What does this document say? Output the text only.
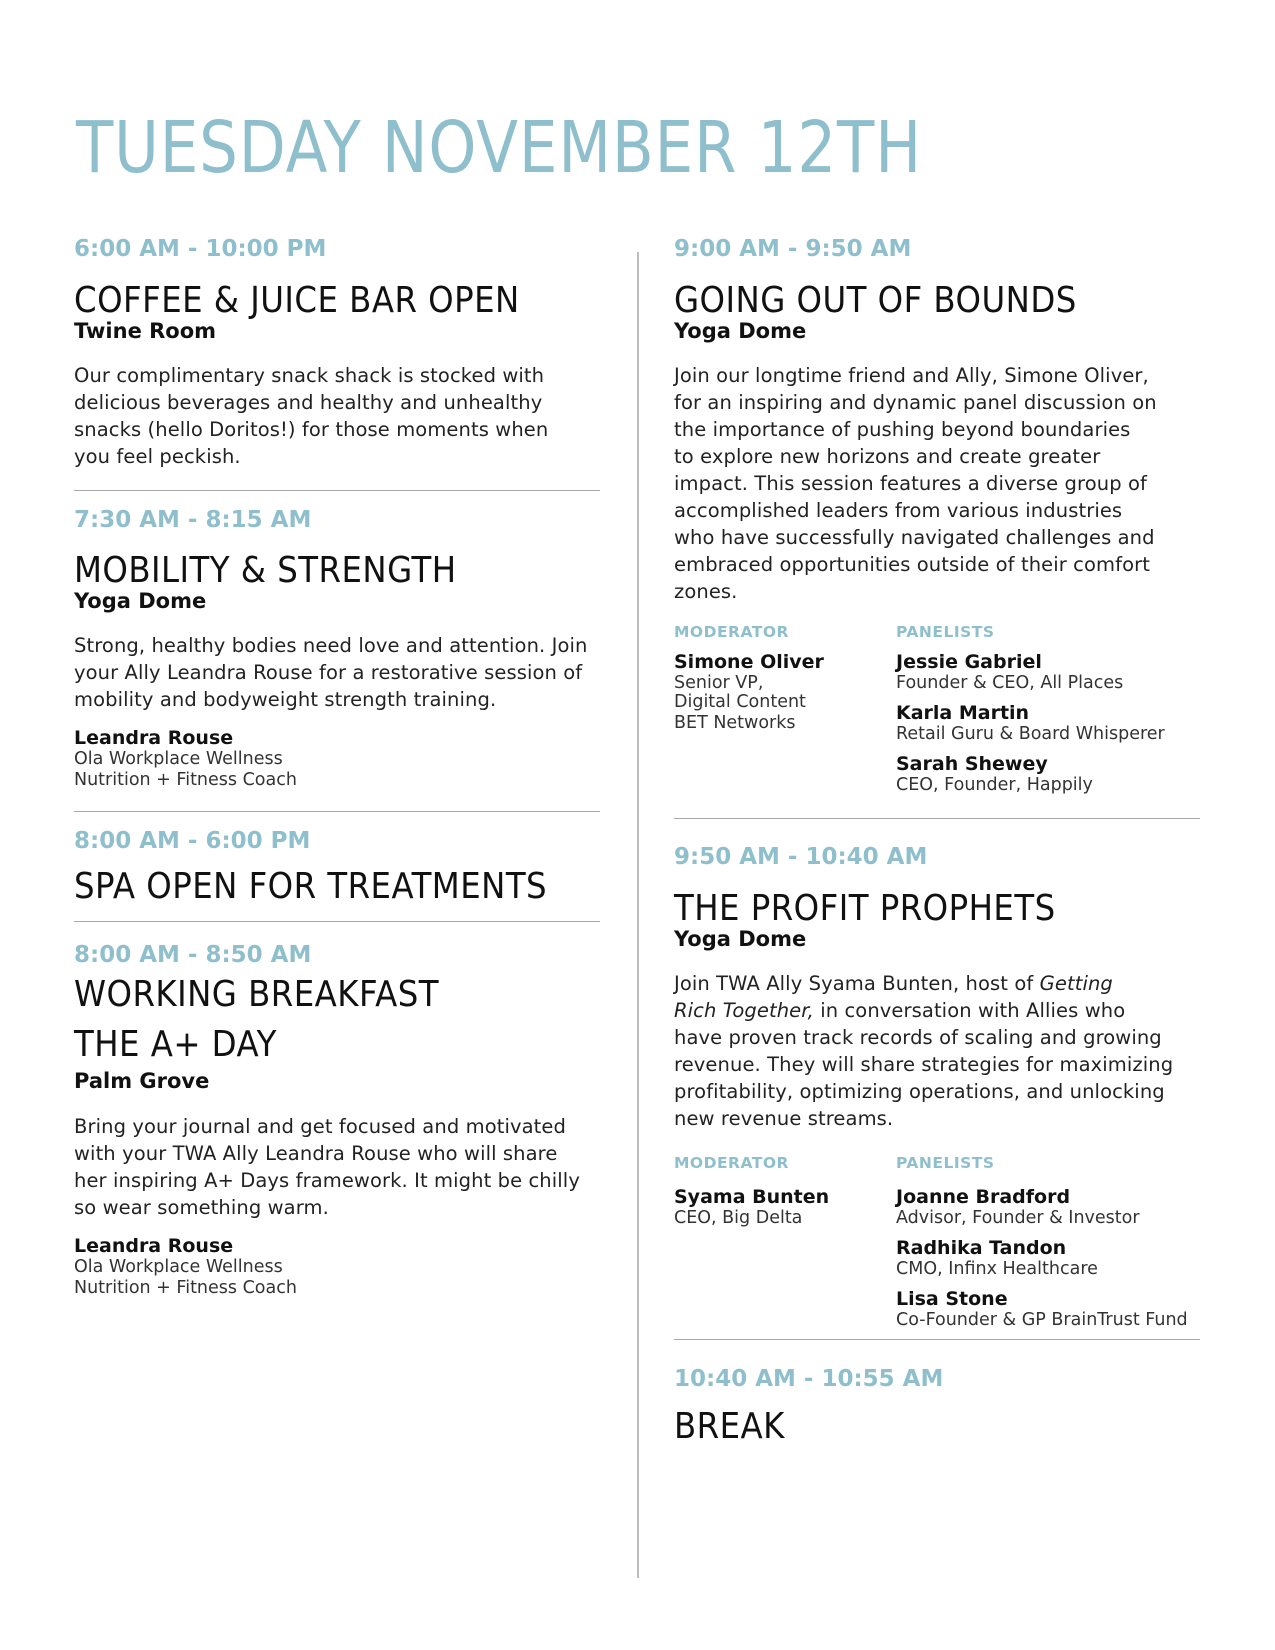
TUESDAY NOVEMBER 12TH

6:00 AM - 10:00 PM

COFFEE & JUICE BAR OPEN

Twine Room

Our complimentary snack shack is stocked with
delicious beverages and healthy and unhealthy
snacks (hello Doritos!) for those moments when
you feel peckish.

7:30 AM - 8:15 AM

MOBILITY & STRENGTH

Yoga Dome

Strong, healthy bodies need love and attention. Join
your Ally Leandra Rouse for a restorative session of
mobility and bodyweight strength training.

Leandra Rouse

Ola Workplace Wellness

Nutrition + Fitness Coach

8:00 AM - 6:00 PM

SPA OPEN FOR TREATMENTS

8:00 AM - 8:50 AM

WORKING BREAKFAST

THE A+ DAY

Palm Grove

Bring your journal and get focused and motivated
with your TWA Ally Leandra Rouse who will share
her inspiring A+ Days framework. It might be chilly
so wear something warm.

Leandra Rouse

Ola Workplace Wellness

Nutrition + Fitness Coach

9:00 AM - 9:50 AM

GOING OUT OF BOUNDS

Yoga Dome

Join our longtime friend and Ally, Simone Oliver,
for an inspiring and dynamic panel discussion on
the importance of pushing beyond boundaries
to explore new horizons and create greater
impact. This session features a diverse group of
accomplished leaders from various industries
who have successfully navigated challenges and
embraced opportunities outside of their comfort
zones.
MODERATOR	PANELISTS

Simone Oliver

Senior VP,

Digital Content

BET Networks

Jessie Gabriel

Founder & CEO, All Places

Karla Martin

Retail Guru & Board Whisperer

Sarah Shewey

CEO, Founder, Happily

9:50 AM - 10:40 AM

THE PROFIT PROPHETS

Yoga Dome

Join TWA Ally Syama Bunten, host of Getting
Rich Together, in conversation with Allies who
have proven track records of scaling and growing
revenue. They will share strategies for maximizing
profitability, optimizing operations, and unlocking
new revenue streams.
MODERATOR	PANELISTS

Syama Bunten

CEO, Big Delta

Joanne Bradford

Advisor, Founder & Investor

Radhika Tandon

CMO, Infinx Healthcare

Lisa Stone

Co-Founder & GP BrainTrust Fund

10:40 AM - 10:55 AM

BREAK
